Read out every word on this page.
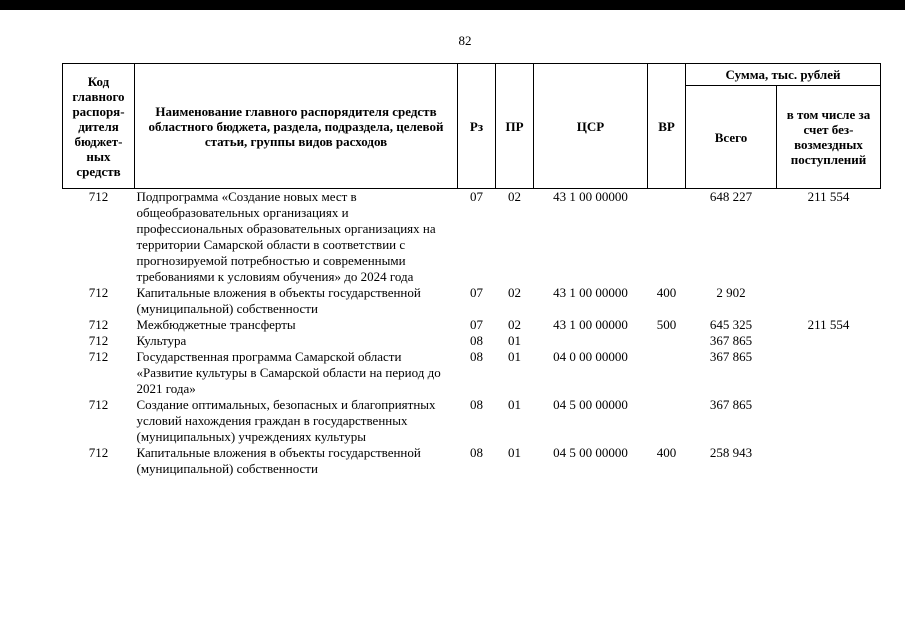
82
Код главного распоря-дителя бюджет-ных средств	Наименование главного распорядителя средств областного бюджета, раздела, подраздела, целевой статьи, группы видов расходов	Рз	ПР	ЦСР	ВР	Сумма, тыс. рублей	
						Всего	в том числе за счет без-возмездных поступлений
712	Подпрограмма «Создание новых мест в общеобразовательных организациях и профессиональных образовательных организациях на территории Самарской области в соответствии с прогнозируемой потребностью и современными требованиями к условиям обучения» до 2024 года	07	02	43 1 00 00000		648 227	211 554
712	Капитальные вложения в объекты государственной (муниципальной) собственности	07	02	43 1 00 00000	400	2 902	
712	Межбюджетные трансферты	07	02	43 1 00 00000	500	645 325	211 554
712	Культура	08	01			367 865	
712	Государственная программа Самарской области «Развитие культуры в Самарской области на период до 2021 года»	08	01	04 0 00 00000		367 865	
712	Создание оптимальных, безопасных и благоприятных условий нахождения граждан в государственных (муниципальных) учреждениях культуры	08	01	04 5 00 00000		367 865	
712	Капитальные вложения в объекты государственной (муниципальной) собственности	08	01	04 5 00 00000	400	258 943	
